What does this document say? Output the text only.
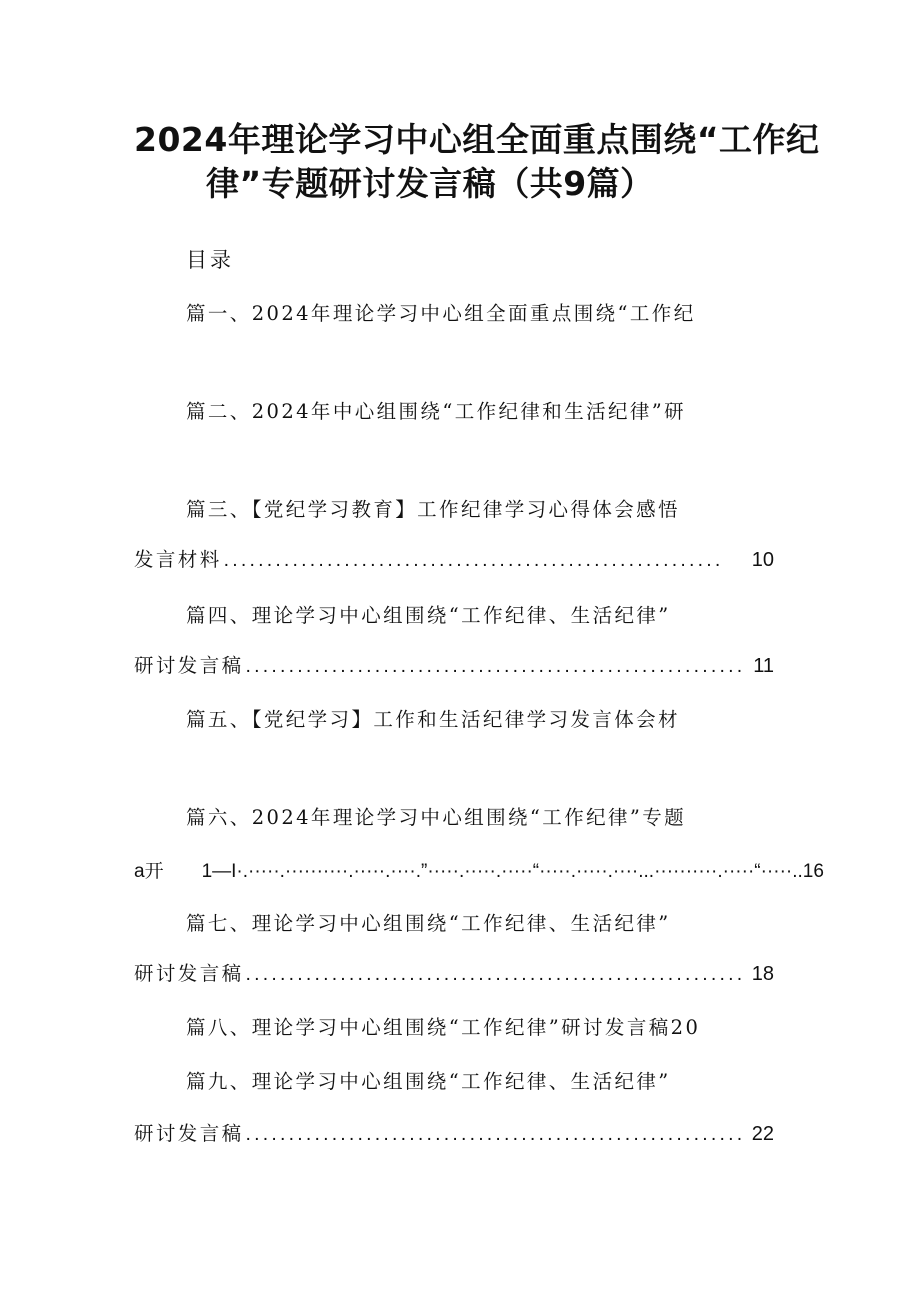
2024年理论学习中心组全面重点围绕“工作纪
律”专题研讨发言稿（共9篇）
目录
篇一、2024年理论学习中心组全面重点围绕“工作纪
篇二、2024年中心组围绕“工作纪律和生活纪律”研
篇三、【党纪学习教育】工作纪律学习心得体会感悟
发言材料 ..........................................................	10
篇四、理论学习中心组围绕“工作纪律、生活纪律”
研讨发言稿 .......................................................... 11
篇五、【党纪学习】工作和生活纪律学习发言体会材
篇六、2024年理论学习中心组围绕“工作纪律”专题
a开　　1—I·.·····.··········.·····.····.”·····.·····.·····“·····.·····.····...··········.·····“·····..16
篇七、理论学习中心组围绕“工作纪律、生活纪律”
研讨发言稿 .......................................................... 18
篇八、理论学习中心组围绕“工作纪律”研讨发言稿20
篇九、理论学习中心组围绕“工作纪律、生活纪律”
研讨发言稿 .......................................................... 22
